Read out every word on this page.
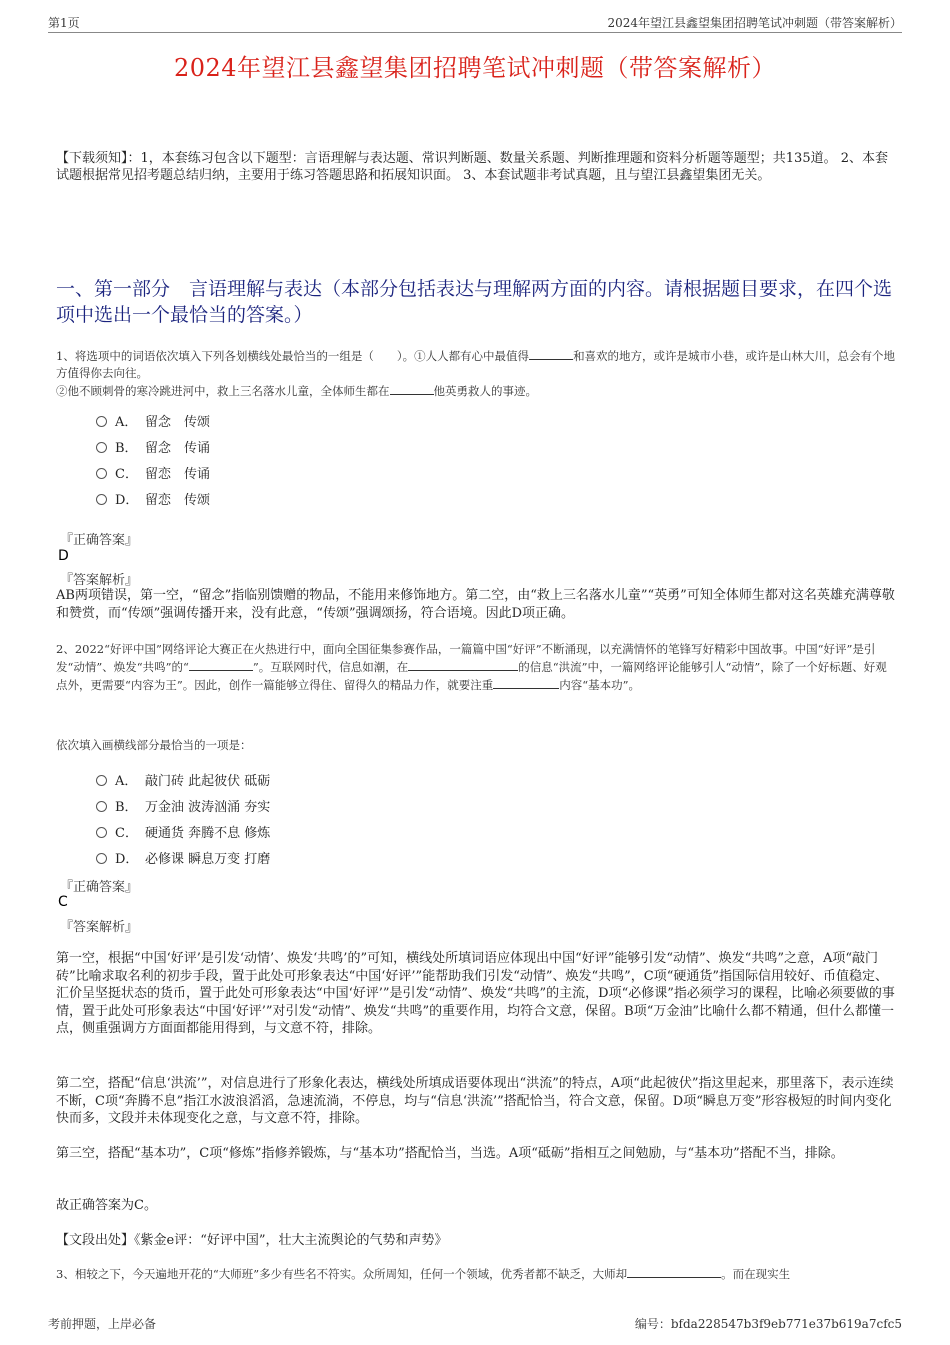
第1页	2024年望江县鑫望集团招聘笔试冲刺题（带答案解析）
2024年望江县鑫望集团招聘笔试冲刺题（带答案解析）
【下载须知】：1，本套练习包含以下题型：言语理解与表达题、常识判断题、数量关系题、判断推理题和资料分析题等题型；共135道。 2、本套试题根据常见招考题总结归纳，主要用于练习答题思路和拓展知识面。 3、本套试题非考试真题，且与望江县鑫望集团无关。
一、第一部分　言语理解与表达（本部分包括表达与理解两方面的内容。请根据题目要求，在四个选项中选出一个最恰当的答案。）
1、将选项中的词语依次填入下列各划横线处最恰当的一组是（　　）。①人人都有心中最值得	和喜欢的地方，或许是城市小巷，或许是山林大川，总会有个地方值得你去向往。
②他不顾刺骨的寒冷跳进河中，救上三名落水儿童，全体师生都在	他英勇救人的事迹。
A． 留念　传颂
B． 留念　传诵
C． 留恋　传诵
D． 留恋　传颂
『正确答案』
D
『答案解析』
AB两项错误，第一空，“留念”指临别馈赠的物品，不能用来修饰地方。第二空，由“救上三名落水儿童”“英勇”可知全体师生都对这名英雄充满尊敬和赞赏，而“传颂”强调传播开来，没有此意，“传颂”强调颂扬，符合语境。因此D项正确。
2、2022“好评中国”网络评论大赛正在火热进行中，面向全国征集参赛作品，一篇篇中国“好评”不断涌现，以充满情怀的笔锋写好精彩中国故事。中国“好评”是引发“动情”、焕发“共鸣”的“	”。互联网时代，信息如潮，在	的信息“洪流”中，一篇网络评论能够引人“动情”，除了一个好标题、好观点外，更需要“内容为王”。因此，创作一篇能够立得住、留得久的精品力作，就要注重	内容“基本功”。
依次填入画横线部分最恰当的一项是：
A． 敲门砖 此起彼伏 砥砺
B． 万金油 波涛汹涌 夯实
C． 硬通货 奔腾不息 修炼
D． 必修课 瞬息万变 打磨
『正确答案』
C
『答案解析』
第一空，根据“中国‘好评’是引发‘动情’、焕发‘共鸣’的”可知，横线处所填词语应体现出中国“好评”能够引发“动情”、焕发“共鸣”之意，A项“敲门砖”比喻求取名利的初步手段，置于此处可形象表达“中国‘好评’”能帮助我们引发“动情”、焕发“共鸣”，C项“硬通货”指国际信用较好、币值稳定、汇价呈坚挺状态的货币，置于此处可形象表达“中国‘好评’”是引发“动情”、焕发“共鸣”的主流，D项“必修课”指必须学习的课程，比喻必须要做的事情，置于此处可形象表达“中国‘好评’”对引发“动情”、焕发“共鸣”的重要作用，均符合文意，保留。B项“万金油”比喻什么都不精通，但什么都懂一点，侧重强调方方面面都能用得到，与文意不符，排除。
第二空，搭配“信息‘洪流’”，对信息进行了形象化表达，横线处所填成语要体现出“洪流”的特点，A项“此起彼伏”指这里起来，那里落下，表示连续不断，C项“奔腾不息”指江水波浪滔滔，急速流淌，不停息，均与“信息‘洪流’”搭配恰当，符合文意，保留。D项“瞬息万变”形容极短的时间内变化快而多，文段并未体现变化之意，与文意不符，排除。
第三空，搭配“基本功”，C项“修炼”指修养锻炼，与“基本功”搭配恰当，当选。A项“砥砺”指相互之间勉励，与“基本功”搭配不当，排除。
故正确答案为C。
【文段出处】《紫金e评：“好评中国”，壮大主流舆论的气势和声势》
3、相较之下，今天遍地开花的“大师班”多少有些名不符实。众所周知，任何一个领域，优秀者都不缺乏，大师却	。而在现实生
考前押题，上岸必备	编号：bfda228547b3f9eb771e37b619a7cfc5
